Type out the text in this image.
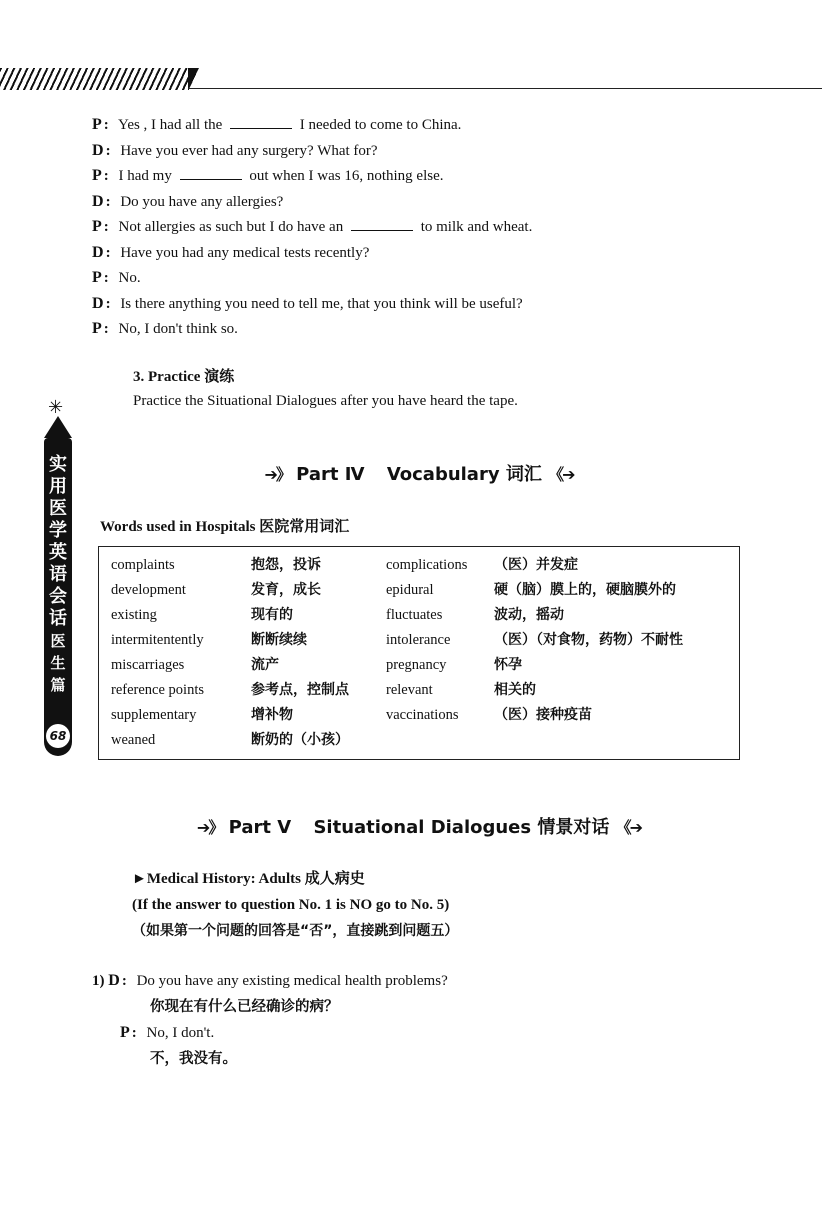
P : Yes , I had all the	I needed to come to China.
D : Have you ever had any surgery? What for?
P : I had my	out when I was 16, nothing else.
D : Do you have any allergies?
P : Not allergies as such but I do have an	to milk and wheat.
D : Have you had any medical tests recently?
P : No.
D : Is there anything you need to tell me, that you think will be useful?
P : No, I don't think so.
3. Practice 演练
Practice the Situational Dialogues after you have heard the tape.
✳
实用医学英语会话 医生篇
68
➔》 Part Ⅳ Vocabulary 词汇 《➔
Words used in Hospitals 医院常用词汇
complaints	抱怨，投诉	complications （医）并发症
development	发育，成长	epidural	硬（脑）膜上的，硬脑膜外的
existing	现有的	fluctuates	波动，摇动
intermitentently	断断续续	intolerance	（医）（对食物，药物）不耐性
miscarriages	流产	pregnancy	怀孕
reference points	参考点，控制点	relevant	相关的
supplementary	增补物	vaccinations	（医）接种疫苗
weaned	断奶的（小孩）
➔》 Part Ⅴ Situational Dialogues 情景对话 《➔
►Medical History: Adults 成人病史
(If the answer to question No. 1 is NO go to No. 5)
（如果第一个问题的回答是“否”，直接跳到问题五）
1) D : Do you have any existing medical health problems?
你现在有什么已经确诊的病？
P : No, I don't.
不，我没有。
